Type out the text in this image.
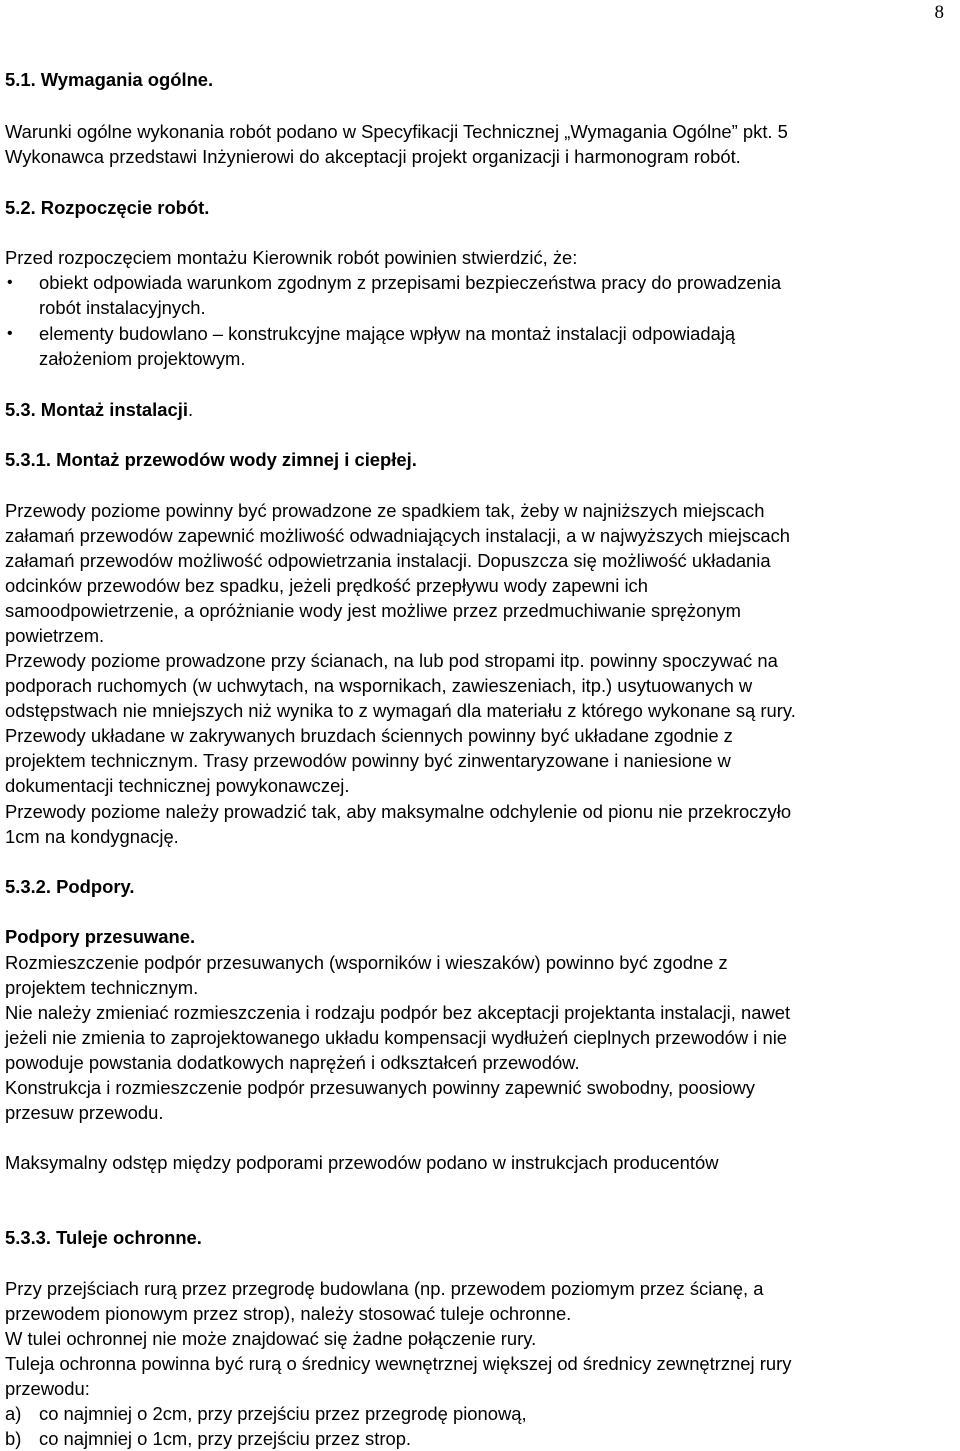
8
5.1. Wymagania ogólne.
Warunki ogólne wykonania robót podano w Specyfikacji Technicznej „Wymagania Ogólne” pkt. 5
Wykonawca przedstawi Inżynierowi do akceptacji projekt organizacji i harmonogram robót.
5.2. Rozpoczęcie robót.
Przed rozpoczęciem montażu Kierownik robót powinien stwierdzić, że:
• obiekt odpowiada warunkom zgodnym z przepisami bezpieczeństwa pracy do prowadzenia
robót instalacyjnych.
• elementy budowlano – konstrukcyjne mające wpływ na montaż instalacji odpowiadają
założeniom projektowym.
5.3. Montaż instalacji.
5.3.1. Montaż przewodów wody zimnej i ciepłej.
Przewody poziome powinny być prowadzone ze spadkiem tak, żeby w najniższych miejscach
załamań przewodów zapewnić możliwość odwadniających instalacji, a w najwyższych miejscach
załamań przewodów możliwość odpowietrzania instalacji. Dopuszcza się możliwość układania
odcinków przewodów bez spadku, jeżeli prędkość przepływu wody zapewni ich
samoodpowietrzenie, a opróżnianie wody jest możliwe przez przedmuchiwanie sprężonym
powietrzem.
Przewody poziome prowadzone przy ścianach, na lub pod stropami itp. powinny spoczywać na
podporach ruchomych (w uchwytach, na wspornikach, zawieszeniach, itp.) usytuowanych w
odstępstwach nie mniejszych niż wynika to z wymagań dla materiału z którego wykonane są rury.
Przewody układane w zakrywanych bruzdach ściennych powinny być układane zgodnie z
projektem technicznym. Trasy przewodów powinny być zinwentaryzowane i naniesione w
dokumentacji technicznej powykonawczej.
Przewody poziome należy prowadzić tak, aby maksymalne odchylenie od pionu nie przekroczyło
1cm na kondygnację.
5.3.2. Podpory.
Podpory przesuwane.
Rozmieszczenie podpór przesuwanych (wsporników i wieszaków) powinno być zgodne z
projektem technicznym.
Nie należy zmieniać rozmieszczenia i rodzaju podpór bez akceptacji projektanta instalacji, nawet
jeżeli nie zmienia to zaprojektowanego układu kompensacji wydłużeń cieplnych przewodów i nie
powoduje powstania dodatkowych naprężeń i odkształceń przewodów.
Konstrukcja i rozmieszczenie podpór przesuwanych powinny zapewnić swobodny, poosiowy
przesuw przewodu.
Maksymalny odstęp między podporami przewodów podano w instrukcjach producentów
5.3.3. Tuleje ochronne.
Przy przejściach rurą przez przegrodę budowlana (np. przewodem poziomym przez ścianę, a
przewodem pionowym przez strop), należy stosować tuleje ochronne.
W tulei ochronnej nie może znajdować się żadne połączenie rury.
Tuleja ochronna powinna być rurą o średnicy wewnętrznej większej od średnicy zewnętrznej rury
przewodu:
a) co najmniej o 2cm, przy przejściu przez przegrodę pionową,
b) co najmniej o 1cm, przy przejściu przez strop.
